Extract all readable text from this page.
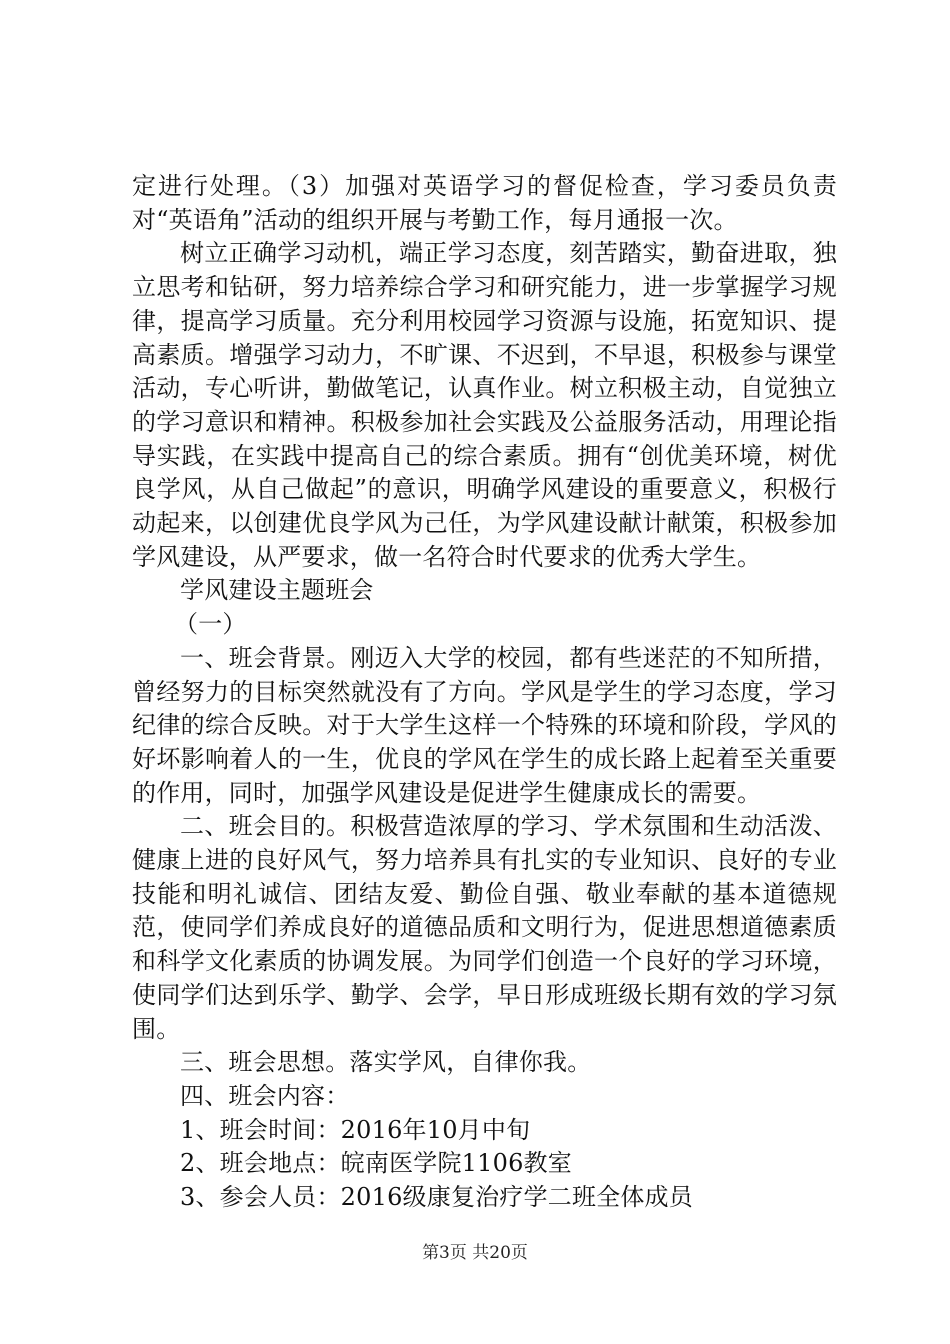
定进行处理。（3）加强对英语学习的督促检查，学习委员负责对“英语角”活动的组织开展与考勤工作，每月通报一次。

树立正确学习动机，端正学习态度，刻苦踏实，勤奋进取，独立思考和钻研，努力培养综合学习和研究能力，进一步掌握学习规律，提高学习质量。充分利用校园学习资源与设施，拓宽知识、提高素质。增强学习动力，不旷课、不迟到，不早退，积极参与课堂活动，专心听讲，勤做笔记，认真作业。树立积极主动，自觉独立的学习意识和精神。积极参加社会实践及公益服务活动，用理论指导实践，在实践中提高自己的综合素质。拥有“创优美环境，树优良学风，从自己做起”的意识，明确学风建设的重要意义，积极行动起来，以创建优良学风为己任，为学风建设献计献策，积极参加学风建设，从严要求，做一名符合时代要求的优秀大学生。

学风建设主题班会

（一）

一、班会背景。刚迈入大学的校园，都有些迷茫的不知所措，曾经努力的目标突然就没有了方向。学风是学生的学习态度，学习纪律的综合反映。对于大学生这样一个特殊的环境和阶段，学风的好坏影响着人的一生，优良的学风在学生的成长路上起着至关重要的作用，同时，加强学风建设是促进学生健康成长的需要。

二、班会目的。积极营造浓厚的学习、学术氛围和生动活泼、健康上进的良好风气，努力培养具有扎实的专业知识、良好的专业技能和明礼诚信、团结友爱、勤俭自强、敬业奉献的基本道德规范，使同学们养成良好的道德品质和文明行为，促进思想道德素质和科学文化素质的协调发展。为同学们创造一个良好的学习环境，使同学们达到乐学、勤学、会学，早日形成班级长期有效的学习氛围。

三、班会思想。落实学风，自律你我。

四、班会内容：

1、班会时间：2016年10月中旬

2、班会地点：皖南医学院1106教室

3、参会人员：2016级康复治疗学二班全体成员

第3页 共20页
